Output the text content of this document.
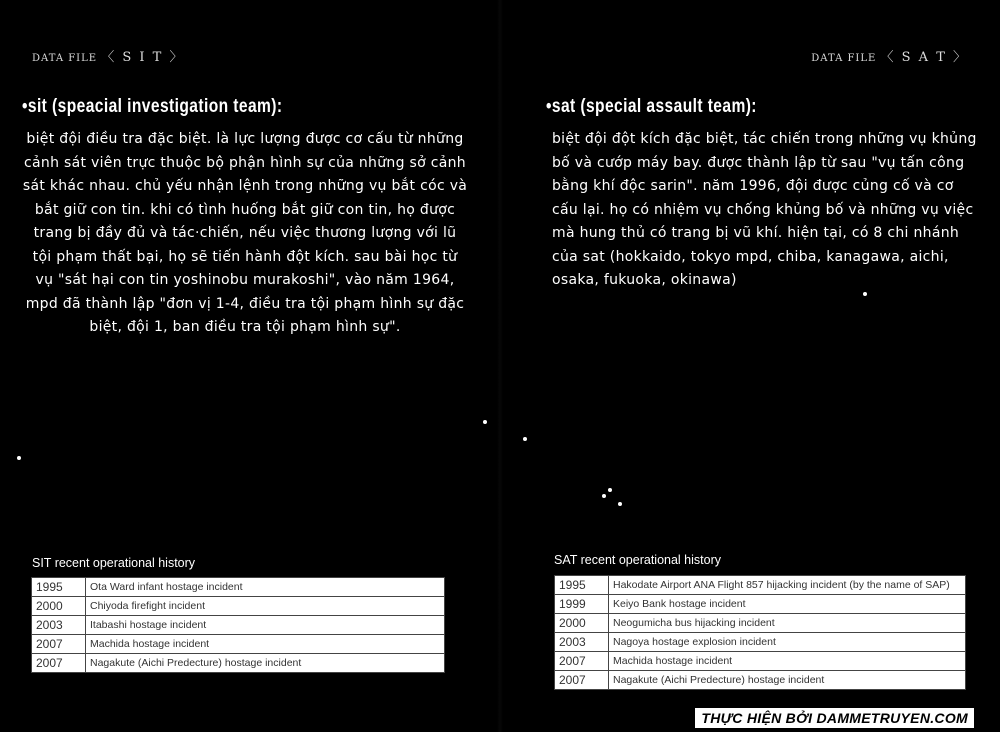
DATA FILE 〈 S I T 〉
•sit (speacial investigation team):
biệt đội điều tra đặc biệt. là lực lượng được cơ cấu từ những cảnh sát viên trực thuộc bộ phận hình sự của những sở cảnh sát khác nhau. chủ yếu nhận lệnh trong những vụ bắt cóc và bắt giữ con tin. khi có tình huống bắt giữ con tin, họ được trang bị đầy đủ và tác·chiến, nếu việc thương lượng với lũ tội phạm thất bại, họ sẽ tiến hành đột kích. sau bài học từ vụ "sát hại con tin yoshinobu murakoshi", vào năm 1964, mpd đã thành lập "đơn vị 1-4, điều tra tội phạm hình sự đặc biệt, đội 1, ban điều tra tội phạm hình sự".
SIT recent operational history
1995	Ota Ward infant hostage incident
2000	Chiyoda firefight incident
2003	Itabashi hostage incident
2007	Machida hostage incident
2007	Nagakute (Aichi Predecture) hostage incident
DATA FILE 〈 S A T 〉
•sat (special assault team):
biệt đội đột kích đặc biệt, tác chiến trong những vụ khủng bố và cướp máy bay. được thành lập từ sau "vụ tấn công bằng khí độc sarin". năm 1996, đội được củng cố và cơ cấu lại. họ có nhiệm vụ chống khủng bố và những vụ việc mà hung thủ có trang bị vũ khí. hiện tại, có 8 chi nhánh của sat (hokkaido, tokyo mpd, chiba, kanagawa, aichi, osaka, fukuoka, okinawa)
SAT recent operational history
1995	Hakodate Airport ANA Flight 857 hijacking incident (by the name of SAP)
1999	Keiyo Bank hostage incident
2000	Neogumicha bus hijacking incident
2003	Nagoya hostage explosion incident
2007	Machida hostage incident
2007	Nagakute (Aichi Predecture) hostage incident
THỰC HIỆN BỞI DAMMETRUYEN.COM
